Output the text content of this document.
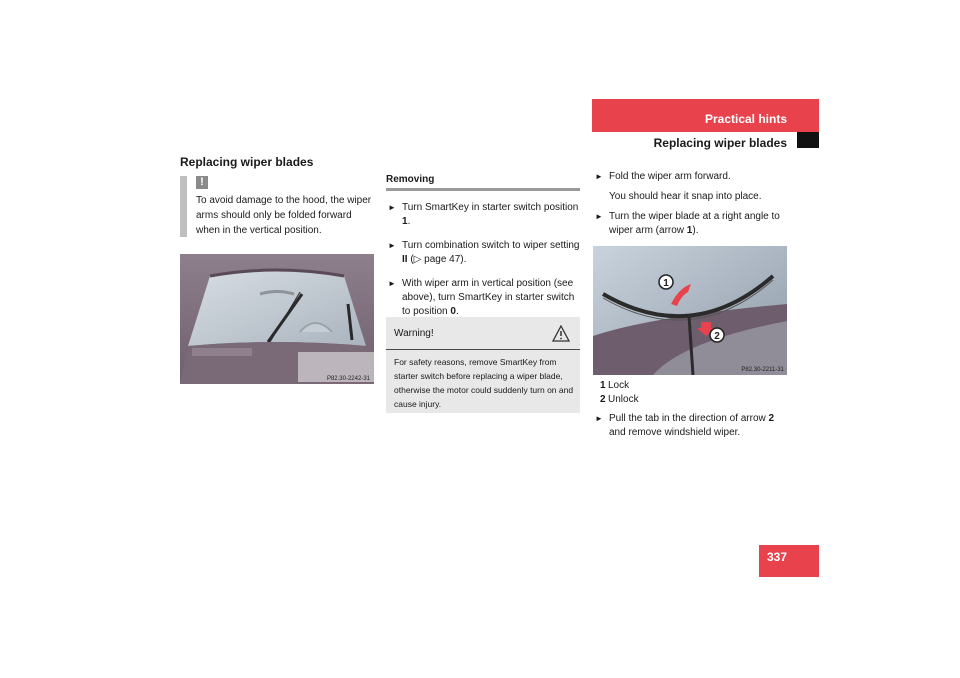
Practical hints
Replacing wiper blades
Replacing wiper blades
!
To avoid damage to the hood, the wiper arms should only be folded forward when in the vertical position.
P82.30-2242-31
Removing
► Turn SmartKey in starter switch position 1.
► Turn combination switch to wiper setting II (▷ page 47).
► With wiper arm in vertical position (see above), turn SmartKey in starter switch to position 0.
Warning!
For safety reasons, remove SmartKey from starter switch before replacing a wiper blade, otherwise the motor could suddenly turn on and cause injury.
► Fold the wiper arm forward.
You should hear it snap into place.
► Turn the wiper blade at a right angle to wiper arm (arrow 1).
1
2
P82.30-2211-31
1 Lock
2 Unlock
► Pull the tab in the direction of arrow 2 and remove windshield wiper.
337
